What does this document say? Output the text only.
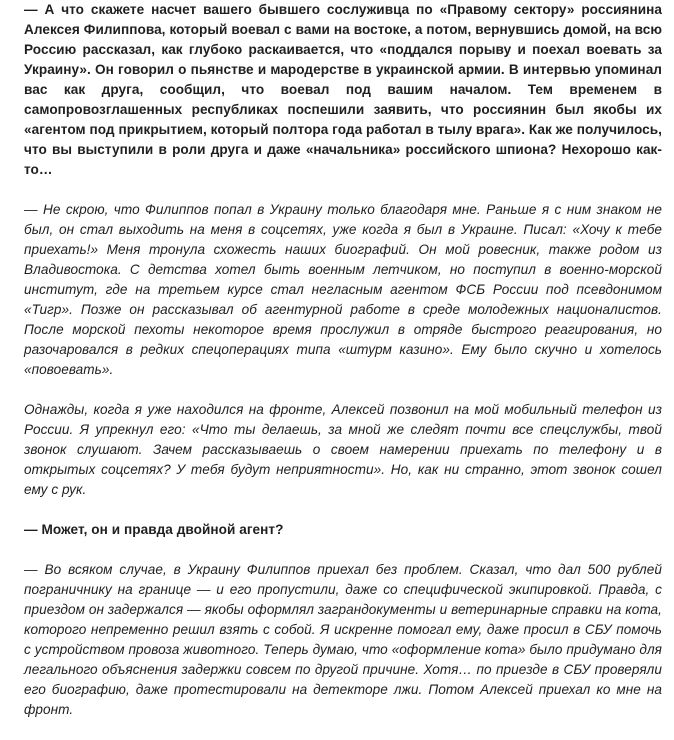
— А что скажете насчет вашего бывшего сослуживца по «Правому сектору» россиянина Алексея Филиппова, который воевал с вами на востоке, а потом, вернувшись домой, на всю Россию рассказал, как глубоко раскаивается, что «поддался порыву и поехал воевать за Украину». Он говорил о пьянстве и мародерстве в украинской армии. В интервью упоминал вас как друга, сообщил, что воевал под вашим началом. Тем временем в самопровозглашенных республиках поспешили заявить, что россиянин был якобы их «агентом под прикрытием, который полтора года работал в тылу врага». Как же получилось, что вы выступили в роли друга и даже «начальника» российского шпиона? Нехорошо как-то…

— Не скрою, что Филиппов попал в Украину только благодаря мне. Раньше я с ним знаком не был, он стал выходить на меня в соцсетях, уже когда я был в Украине. Писал: «Хочу к тебе приехать!» Меня тронула схожесть наших биографий. Он мой ровесник, также родом из Владивостока. С детства хотел быть военным летчиком, но поступил в военно-морской институт, где на третьем курсе стал негласным агентом ФСБ России под псевдонимом «Тигр». Позже он рассказывал об агентурной работе в среде молодежных националистов. После морской пехоты некоторое время прослужил в отряде быстрого реагирования, но разочаровался в редких спецоперациях типа «штурм казино». Ему было скучно и хотелось «повоевать».

Однажды, когда я уже находился на фронте, Алексей позвонил на мой мобильный телефон из России. Я упрекнул его: «Что ты делаешь, за мной же следят почти все спецслужбы, твой звонок слушают. Зачем рассказываешь о своем намерении приехать по телефону и в открытых соцсетях? У тебя будут неприятности». Но, как ни странно, этот звонок сошел ему с рук.

— Может, он и правда двойной агент?

— Во всяком случае, в Украину Филиппов приехал без проблем. Сказал, что дал 500 рублей пограничнику на границе — и его пропустили, даже со специфической экипировкой. Правда, с приездом он задержался — якобы оформлял заграндокументы и ветеринарные справки на кота, которого непременно решил взять с собой. Я искренне помогал ему, даже просил в СБУ помочь с устройством провоза животного. Теперь думаю, что «оформление кота» было придумано для легального объяснения задержки совсем по другой причине. Хотя… по приезде в СБУ проверяли его биографию, даже протестировали на детекторе лжи. Потом Алексей приехал ко мне на фронт.
